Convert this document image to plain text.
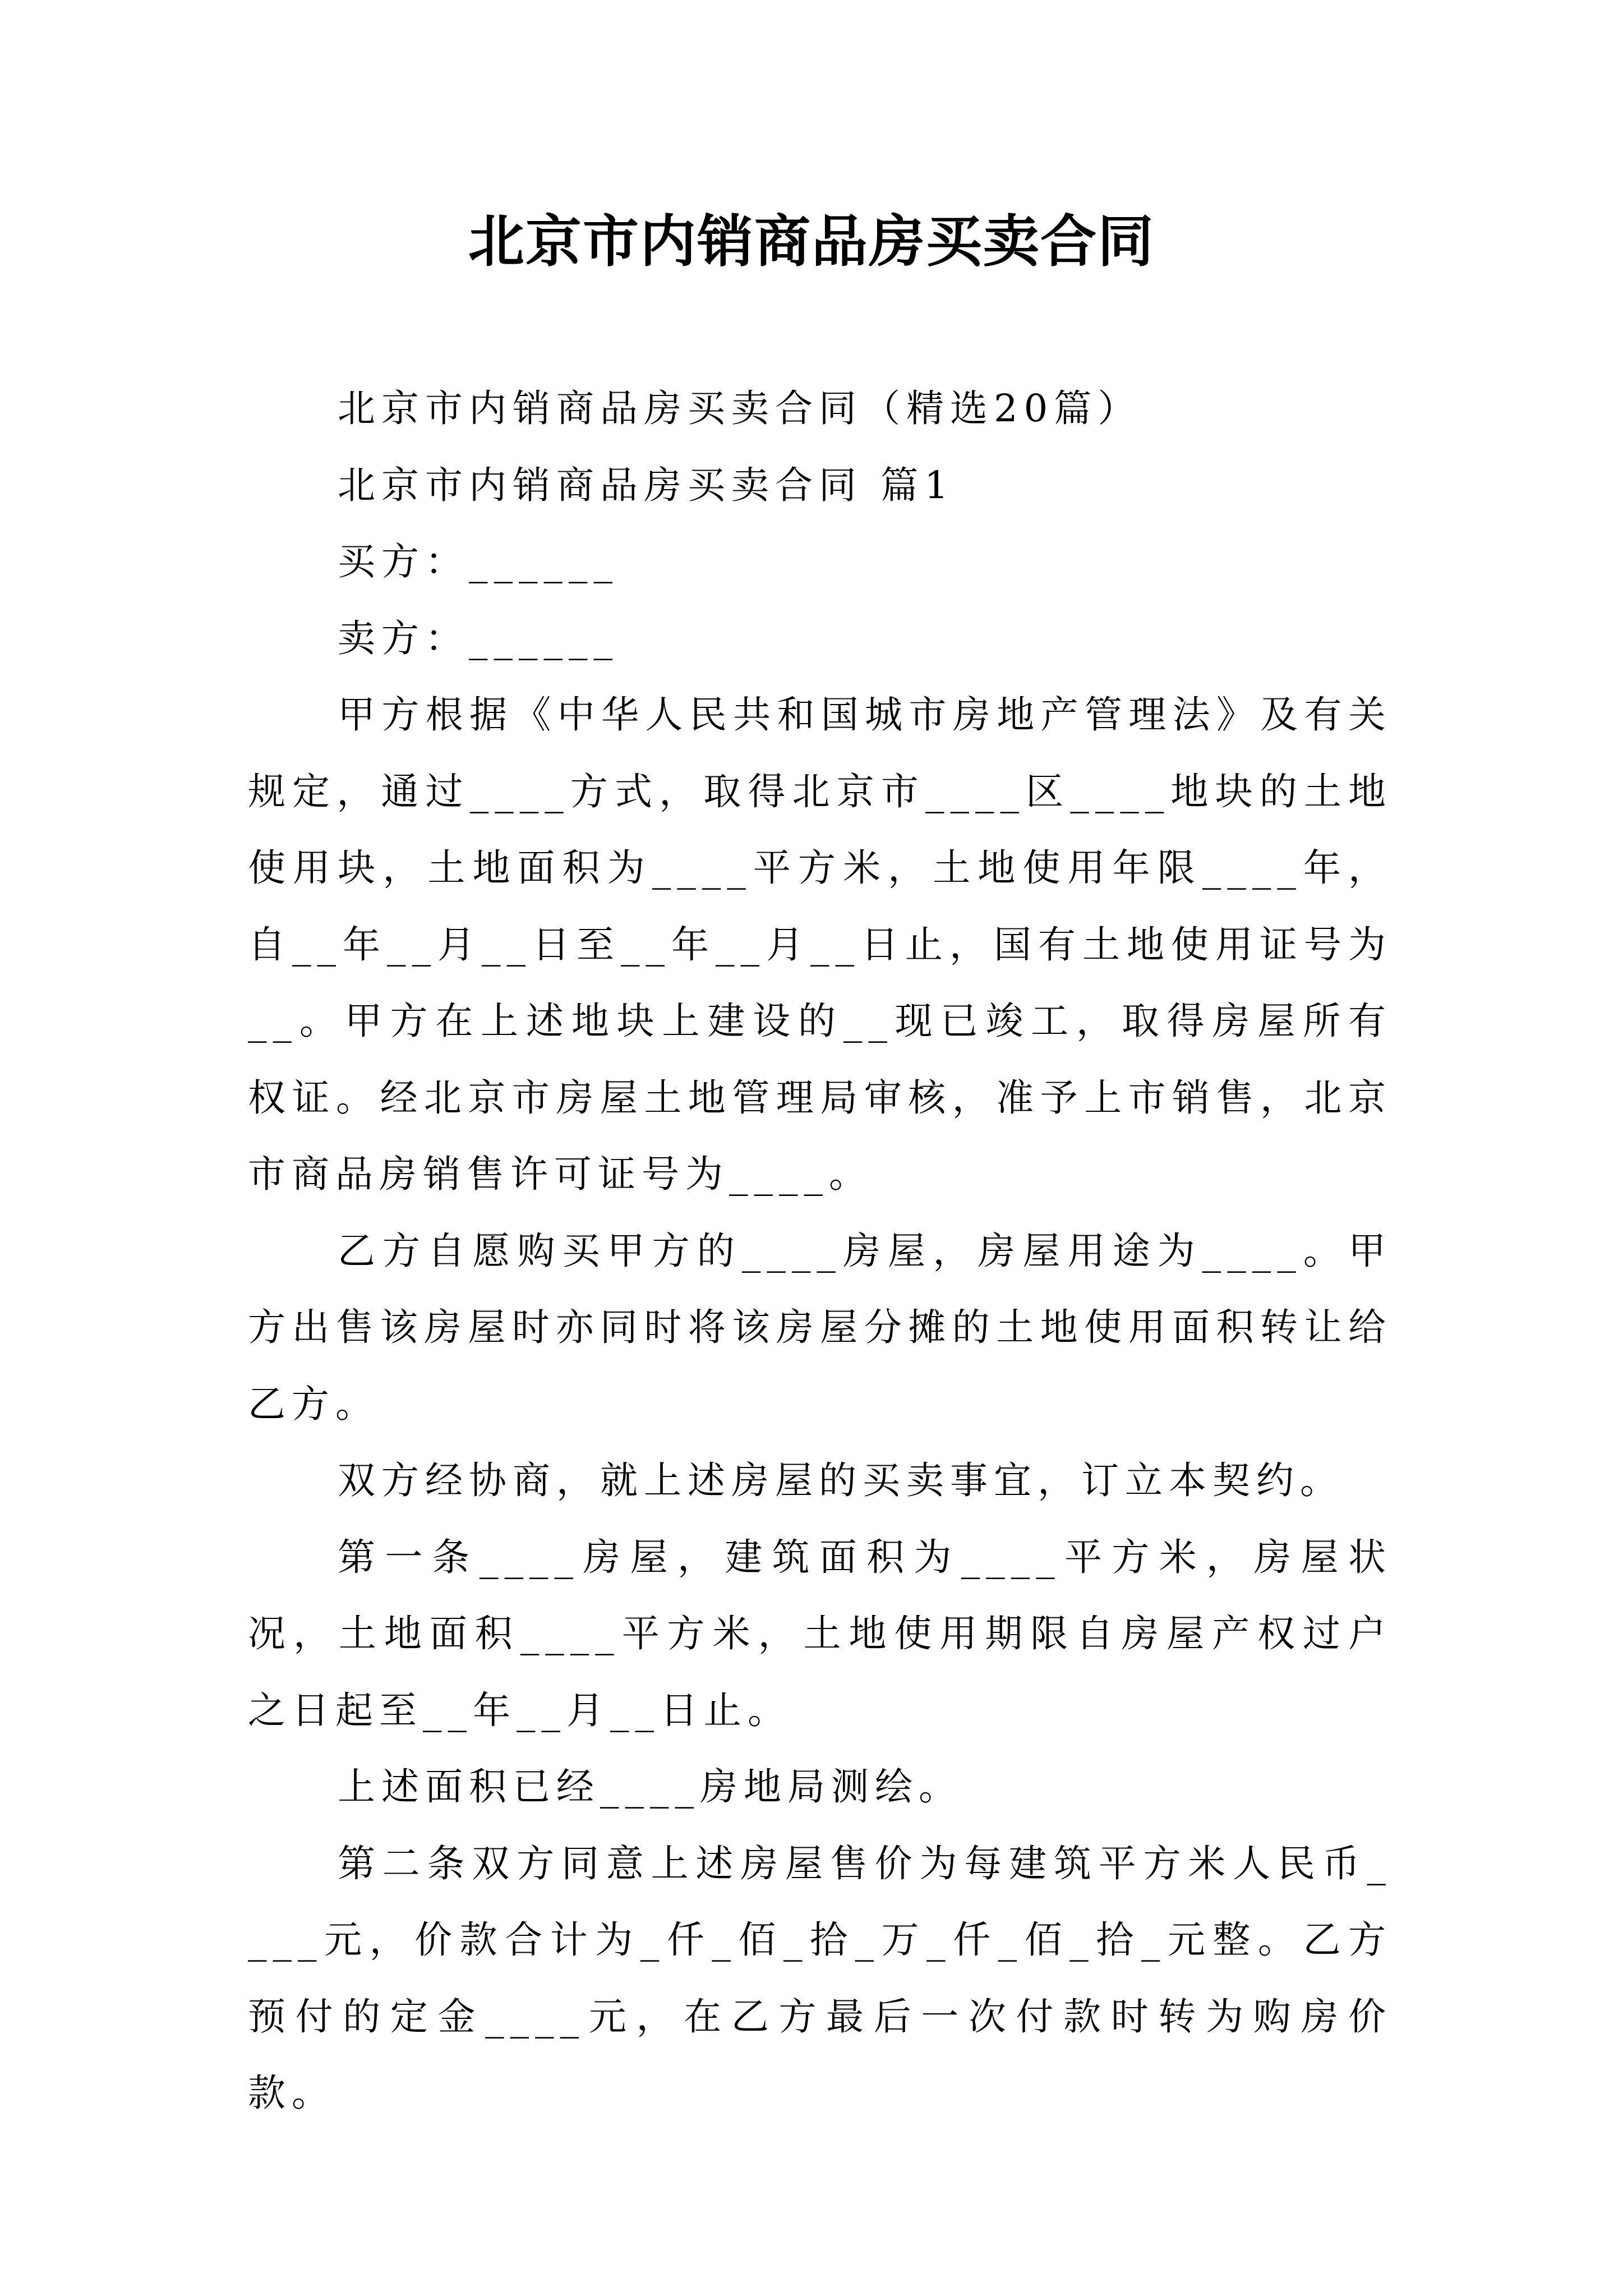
北京市内销商品房买卖合同

北京市内销商品房买卖合同（精选20篇）

北京市内销商品房买卖合同 篇1

买方：______

卖方：______

甲方根据《中华人民共和国城市房地产管理法》及有关规定，通过____方式，取得北京市____区____地块的土地使用块，土地面积为____平方米，土地使用年限____年，自__年__月__日至__年__月__日止，国有土地使用证号为__。甲方在上述地块上建设的__现已竣工，取得房屋所有权证。经北京市房屋土地管理局审核，准予上市销售，北京市商品房销售许可证号为____。

乙方自愿购买甲方的____房屋，房屋用途为____。甲方出售该房屋时亦同时将该房屋分摊的土地使用面积转让给乙方。

双方经协商，就上述房屋的买卖事宜，订立本契约。

第一条____房屋，建筑面积为____平方米，房屋状况，土地面积____平方米，土地使用期限自房屋产权过户之日起至__年__月__日止。

上述面积已经____房地局测绘。

第二条双方同意上述房屋售价为每建筑平方米人民币____元，价款合计为_仟_佰_拾_万_仟_佰_拾_元整。乙方预付的定金____元，在乙方最后一次付款时转为购房价款。
